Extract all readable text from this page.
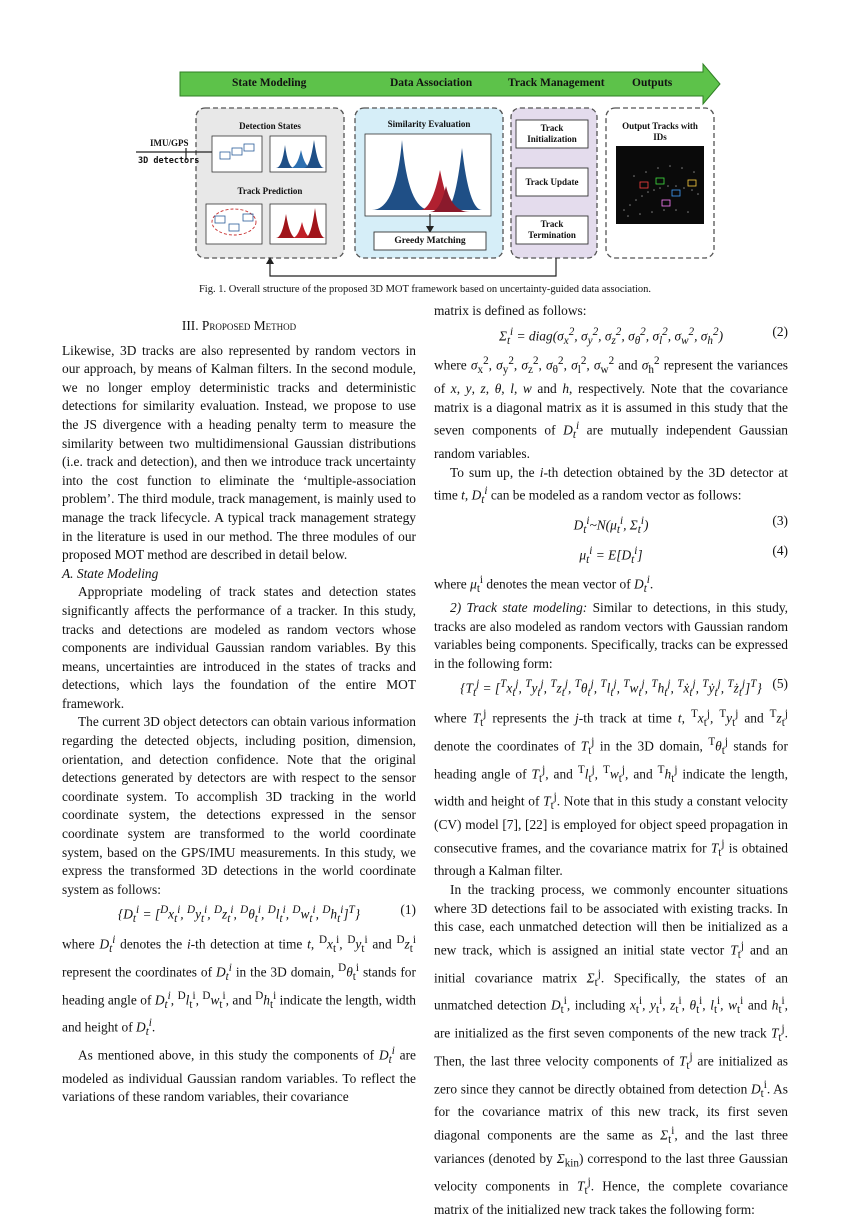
State Modeling	Data Association	Track Management Outputs
IMU/GPS
3D detectors
Detection States
Track Prediction
Similarity Evaluation
Greedy Matching
Track Initialization
Track Update
Track Termination
Output Tracks with IDs
Fig. 1. Overall structure of the proposed 3D MOT framework based on uncertainty-guided data association.
III. Proposed Method

Likewise, 3D tracks are also represented by random vectors in our approach, by means of Kalman filters. In the second module, we no longer employ deterministic tracks and deterministic detections for similarity evaluation. Instead, we propose to use the JS divergence with a heading penalty term to measure the similarity between two multidimensional Gaussian distributions (i.e. track and detection), and then we introduce track uncertainty into the cost function to eliminate the ‘multiple-association problem’. The third module, track management, is mainly used to manage the track lifecycle. A typical track management strategy in the literature is used in our method. The three modules of our proposed MOT method are described in detail below.

A. State Modeling

Appropriate modeling of track states and detection states significantly affects the performance of a tracker. In this study, tracks and detections are modeled as random vectors whose components are individual Gaussian random variables. By this means, uncertainties are introduced in the states of tracks and detections, which lays the foundation of the entire MOT framework.

The current 3D object detectors can obtain various information regarding the detected objects, including position, dimension, orientation, and detection confidence. Note that the original detections generated by detectors are with respect to the sensor coordinate system. To accomplish 3D tracking in the world coordinate system, the detections expressed in the sensor coordinate system are transformed to the world coordinate system, based on the GPS/IMU measurements. In this study, we express the transformed 3D detections in the world coordinate system as follows:

{$D_t^i = [^Dx_t^i$, $^Dy_t^i$, $^Dz_t^i$, $^D\theta_t^i$, $^Dl_t^i$, $^Dw_t^i$, $^Dh_t^i]^T$}	(1)

where $D_t^i$ denotes the i-th detection at time t, $^Dx_t^i$, $^Dy_t^i$ and $^Dz_t^i$ represent the coordinates of $D_t^i$ in the 3D domain, $^D\theta_t^i$ stands for heading angle of $D_t^i$, $^Dl_t^i$, $^Dw_t^i$, and $^Dh_t^i$ indicate the length, width and height of $D_t^i$.

As mentioned above, in this study the components of $D_t^i$ are modeled as individual Gaussian random variables. To reflect the variations of these random variables, their covariance

matrix is defined as follows:

$\Sigma_t^i$ = $diag(\sigma_x^2$, $\sigma_y^2$, $\sigma_z^2$, $\sigma_\theta^2$, $\sigma_l^2$, $\sigma_w^2$, $\sigma_h^2$)	(2)

where $\sigma_x^2$, $\sigma_y^2$, $\sigma_z^2$, $\sigma_\theta^2$, $\sigma_l^2$, $\sigma_w^2$ and $\sigma_h^2$ represent the variances of x, y, z, θ, l, w and h, respectively. Note that the covariance matrix is a diagonal matrix as it is assumed in this study that the seven components of $D_t^i$ are mutually independent Gaussian random variables.

To sum up, the i-th detection obtained by the 3D detector at time t, $D_t^i$ can be modeled as a random vector as follows:

$D_t^i\sim N(\mu_t^i$, $\Sigma_t^i$)	(3)
$\mu_t^i = E[D_t^i]$	(4)

where $\mu_t^i$ denotes the mean vector of $D_t^i$.

2) Track state modeling: Similar to detections, in this study, tracks are also modeled as random vectors with Gaussian random variables being components. Specifically, tracks can be expressed in the following form:

{$T_t^j = [^Tx_t^j$, $^Ty_t^j$, $^Tz_t^j$, $^T\theta_t^j$, $^Tl_t^j$, $^Tw_t^j$, $^Th_t^j$, $^T$ẋ$_t^j$, $^T$ẏ$_t^j$, $^Tż_t^j]^T$} (5)

where $T_t^j$ represents the j-th track at time t, $^Tx_t^j$, $^Ty_t^j$ and $^Tz_t^j$ denote the coordinates of $T_t^j$ in the 3D domain, $^T\theta_t^j$ stands for heading angle of $T_t^j$, and $^Tl_t^j$, $^Tw_t^j$, and $^Th_t^j$ indicate the length, width and height of $T_t^j$. Note that in this study a constant velocity (CV) model [7], [22] is employed for object speed propagation in consecutive frames, and the covariance matrix for $T_t^j$ is obtained through a Kalman filter.

In the tracking process, we commonly encounter situations where 3D detections fail to be associated with existing tracks. In this case, each unmatched detection will then be initialized as a new track, which is assigned an initial state vector $T_t^j$ and an initial covariance matrix $\Sigma_t^j$. Specifically, the states of an unmatched detection $D_t^i$, including $x_t^i$, $y_t^i$, $z_t^i$, $\theta_t^i$, $l_t^i$, $w_t^i$ and $h_t^i$, are initialized as the first seven components of the new track $T_t^j$. Then, the last three velocity components of $T_t^j$ are initialized as zero since they cannot be directly obtained from detection $D_t^i$. As for the covariance matrix of this new track, its first seven diagonal components are the same as $\Sigma_t^i$, and the last three variances (denoted by $\Sigma_{kin}$) correspond to the last three Gaussian velocity components in $T_t^j$. Hence, the complete covariance matrix of the initialized new track takes the following form:
